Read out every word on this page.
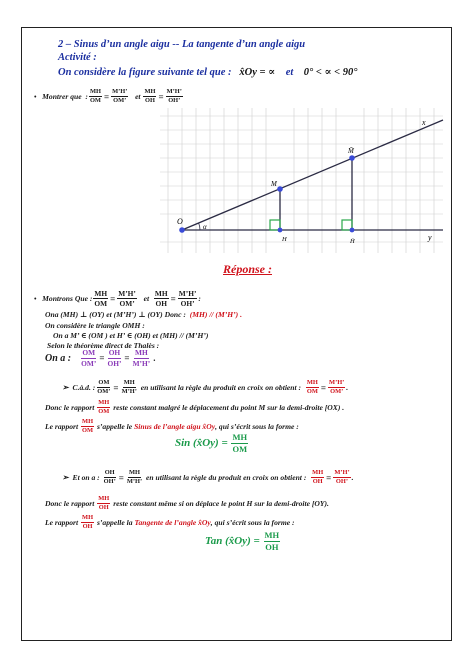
2 – Sinus d’un angle aigu -- La tangente d’un angle aigu
Activité :
On considère la figure suivante tel que : x̂Oy = ∝ et 0° < ∝ < 90°
•
Montrer que
: $\frac{MH}{OM} = \frac{M’H’}{OM’}$
et
$\frac{MH}{OH} = \frac{M’H’}{OH’}$
x
y
O
α
M
H
M̄
H̄
Réponse :
•
Montrons Que : $\frac{MH}{OM} = \frac{M’H’}{OM’}$
et
$\frac{MH}{OH} = \frac{M’H’}{OH’}$ :
Ona (MH) ⊥ (OY) et (M’H’) ⊥ (OY) Donc : (MH) // (M’H’) .
On considère le triangle OMH :
On a M’ ∈ (OM ) et H’ ∈ (OH) et (MH) // (M’H’)
Selon le théorème direct de Thalès :
On a :
$\frac{OM}{OM’} = \frac{OH}{OH’} = \frac{MH}{M’H’}$ .
➢
C.à.d. : $\frac{OM}{OM’} = \frac{MH}{M’H’}$
en utilisant la règle du produit en croix on obtient :
$\frac{MH}{OM} = \frac{M’H’}{OM’}$ .
Donc le rapport
$\frac{MH}{OM}$
reste constant malgré le déplacement du point M sur la demi-droite [OX) .
Le rapport
$\frac{MH}{OM}$
s’appelle le
Sinus de l’angle aigu x̂Oy , qui s’écrit sous la forme :
Sin (x̂Oy) =
$\frac{MH}{OM}$
➢
Et on a :
$\frac{OH}{OH’} = \frac{MH}{M’H’}$
en utilisant la règle du produit en croix on obtient :
$\frac{MH}{OH} = \frac{M’H’}{OH’}$ .
Donc le rapport
$\frac{MH}{OH}$
reste constant même si on déplace le point H sur la demi-droite [OY).
Le rapport
$\frac{MH}{OH}$
s’appelle la
Tangente de l’angle x̂Oy , qui s’écrit sous la forme :
Tan (x̂Oy) =
$\frac{MH}{OH}$
